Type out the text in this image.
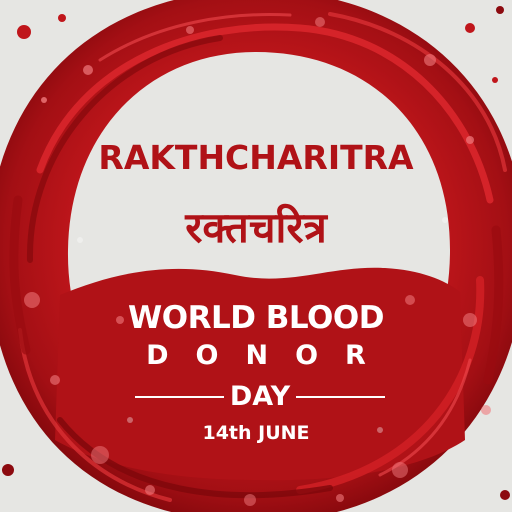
RAKTHCHARITRA
रक्तचरित्र
WORLD BLOOD
DONOR
DAY
14th JUNE
